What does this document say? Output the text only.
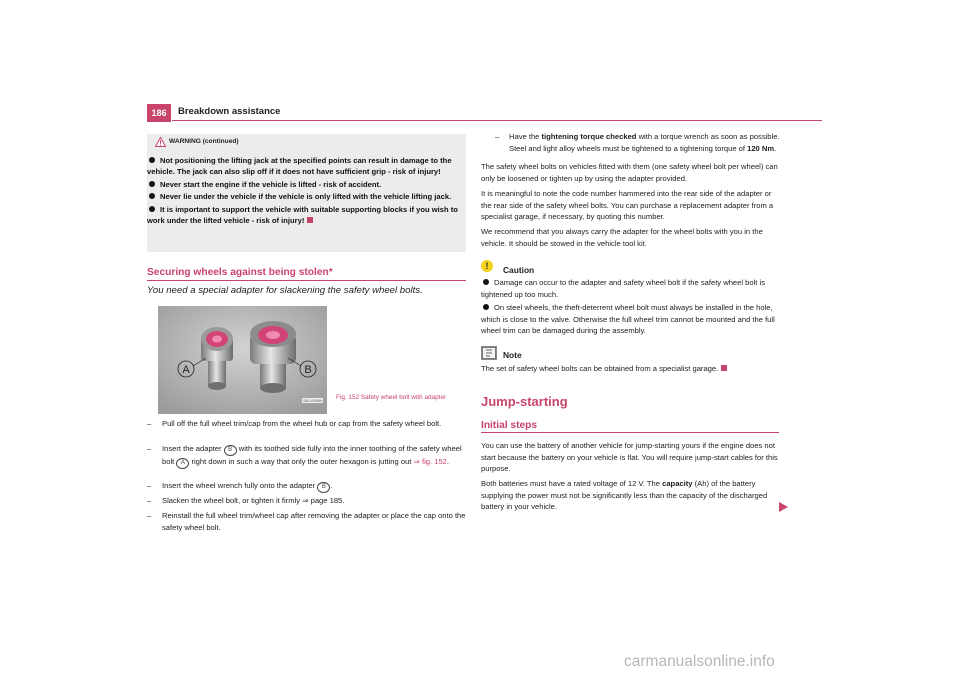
186	Breakdown assistance
WARNING (continued)
Not positioning the lifting jack at the specified points can result in damage to the vehicle. The jack can also slip off if it does not have sufficient grip - risk of injury!
Never start the engine if the vehicle is lifted - risk of accident.
Never lie under the vehicle if the vehicle is only lifted with the vehicle lifting jack.
It is important to support the vehicle with suitable supporting blocks if you wish to work under the lifted vehicle - risk of injury!
Securing wheels against being stolen*
You need a special adapter for slackening the safety wheel bolts.
A	B
S6J-0090h Fig. 152 Safety wheel bolt with adapter
– Pull off the full wheel trim/cap from the wheel hub or cap from the safety wheel bolt.
– Insert the adapter B with its toothed side fully into the inner toothing of the safety wheel bolt A right down in such a way that only the outer hexagon is jutting out ⇒ fig. 152.
– Insert the wheel wrench fully onto the adapter B .
– Slacken the wheel bolt, or tighten it firmly ⇒ page 185.
– Reinstall the full wheel trim/wheel cap after removing the adapter or place the cap onto the safety wheel bolt.
– Have the tightening torque checked with a torque wrench as soon as possible. Steel and light alloy wheels must be tightened to a tightening torque of 120 Nm.
The safety wheel bolts on vehicles fitted with them (one safety wheel bolt per wheel) can only be loosened or tighten up by using the adapter provided.
It is meaningful to note the code number hammered into the rear side of the adapter or the rear side of the safety wheel bolts. You can purchase a replacement adapter from a specialist garage, if necessary, by quoting this number.
We recommend that you always carry the adapter for the wheel bolts with you in the vehicle. It should be stowed in the vehicle tool kit.
!	Caution
Damage can occur to the adapter and safety wheel bolt if the safety wheel bolt is tightened up too much.
On steel wheels, the theft-deterrent wheel bolt must always be installed in the hole, which is close to the valve. Otherwise the full wheel trim cannot be mounted and the full wheel trim can be damaged during the assembly.
Note
The set of safety wheel bolts can be obtained from a specialist garage.
Jump-starting
Initial steps
You can use the battery of another vehicle for jump-starting yours if the engine does not start because the battery on your vehicle is flat. You will require jump-start cables for this purpose.
Both batteries must have a rated voltage of 12 V. The capacity (Ah) of the battery supplying the power must not be significantly less than the capacity of the discharged battery in your vehicle.
carmanualsonline.info
